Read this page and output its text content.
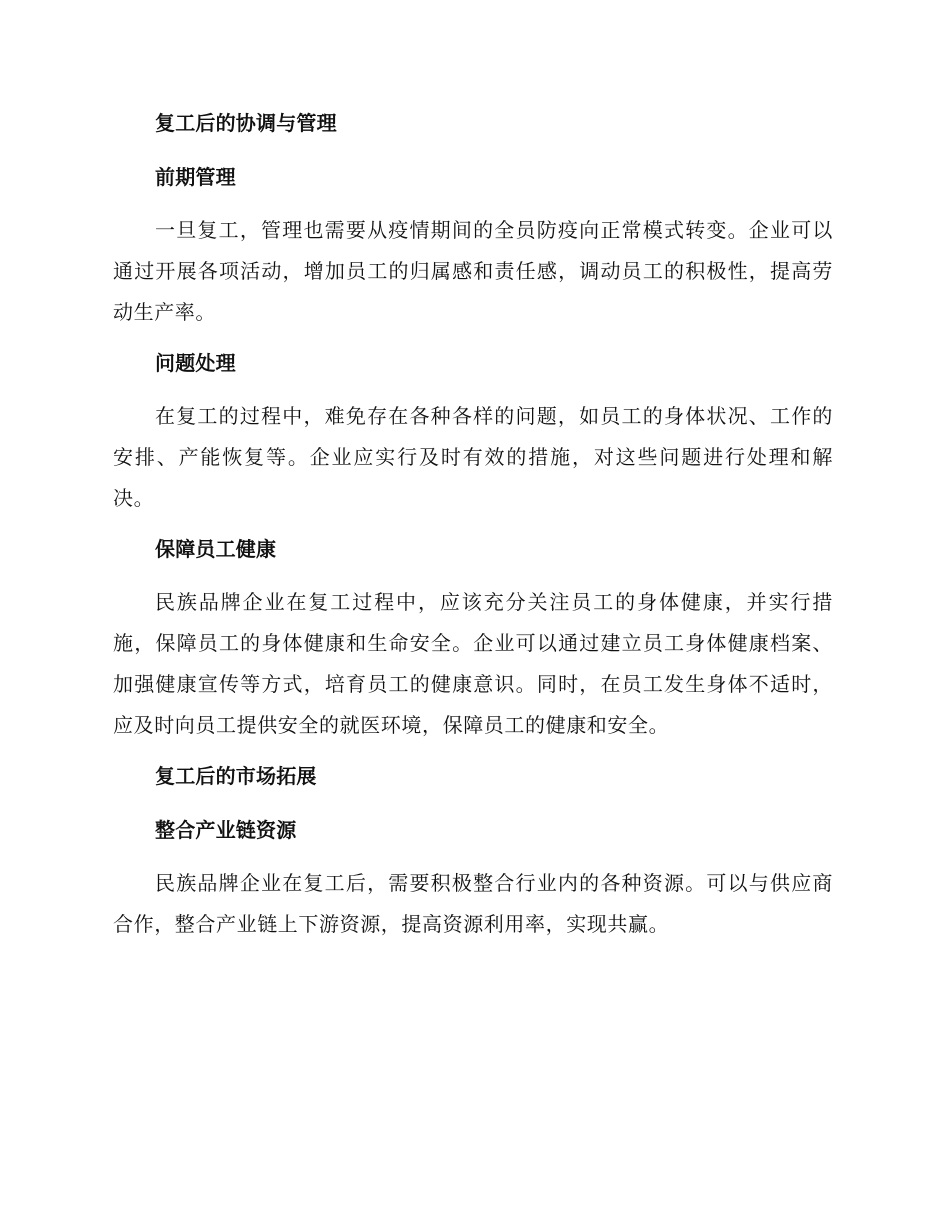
复工后的协调与管理
前期管理

一旦复工，管理也需要从疫情期间的全员防疫向正常模式转变。企业可以通过开展各项活动，增加员工的归属感和责任感，调动员工的积极性，提高劳动生产率。

问题处理

在复工的过程中，难免存在各种各样的问题，如员工的身体状况、工作的安排、产能恢复等。企业应实行及时有效的措施，对这些问题进行处理和解决。

保障员工健康

民族品牌企业在复工过程中，应该充分关注员工的身体健康，并实行措施，保障员工的身体健康和生命安全。企业可以通过建立员工身体健康档案、加强健康宣传等方式，培育员工的健康意识。同时，在员工发生身体不适时，应及时向员工提供安全的就医环境，保障员工的健康和安全。

复工后的市场拓展
整合产业链资源

民族品牌企业在复工后，需要积极整合行业内的各种资源。可以与供应商合作，整合产业链上下游资源，提高资源利用率，实现共赢。
